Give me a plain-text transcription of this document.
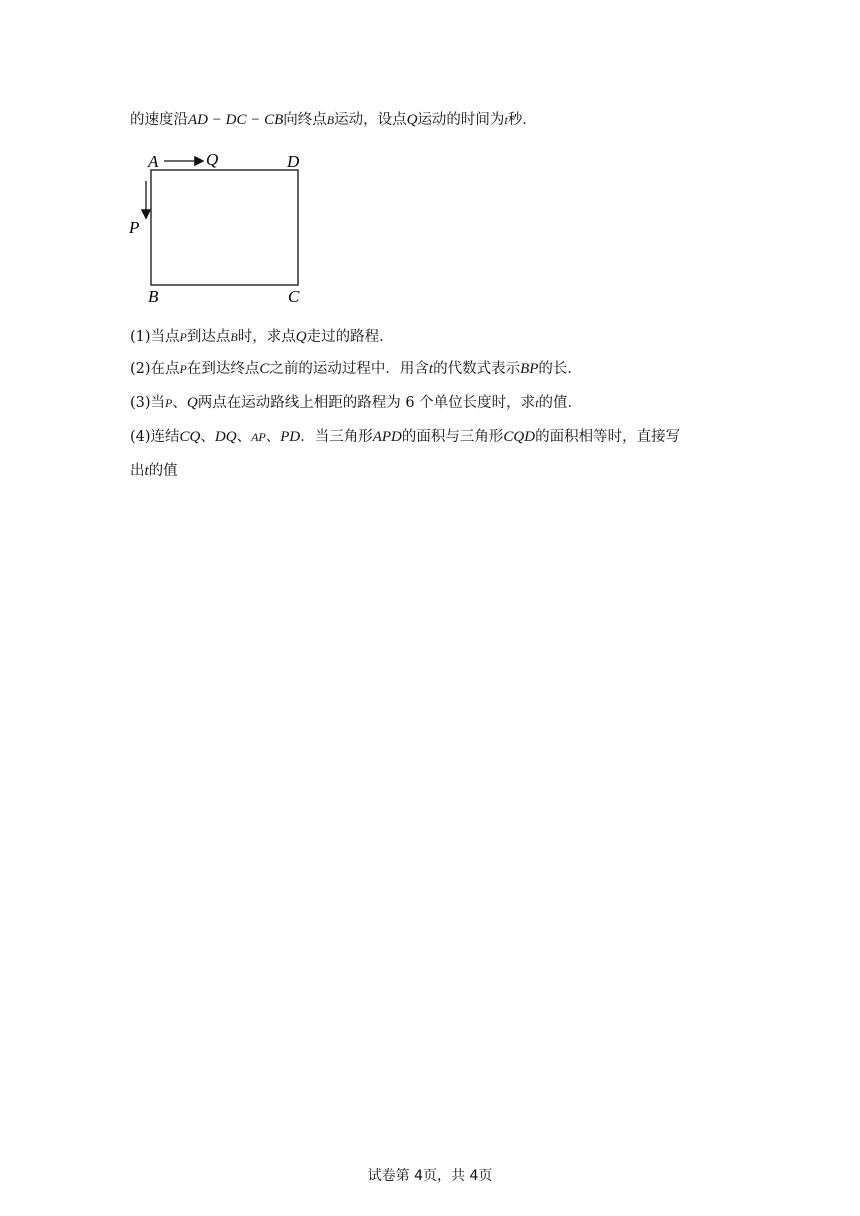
的速度沿AD − DC − CB向终点B运动，设点Q运动的时间为t秒．
A	Q	D
P
B	C
(1)当点P到达点B时，求点Q走过的路程．
(2)在点P在到达终点C之前的运动过程中．用含t的代数式表示BP的长．
(3)当P、Q两点在运动路线上相距的路程为 6 个单位长度时，求t的值．
(4)连结CQ、DQ、AP、PD．当三角形APD的面积与三角形CQD的面积相等时，直接写
出t的值
试卷第 4页，共 4页
